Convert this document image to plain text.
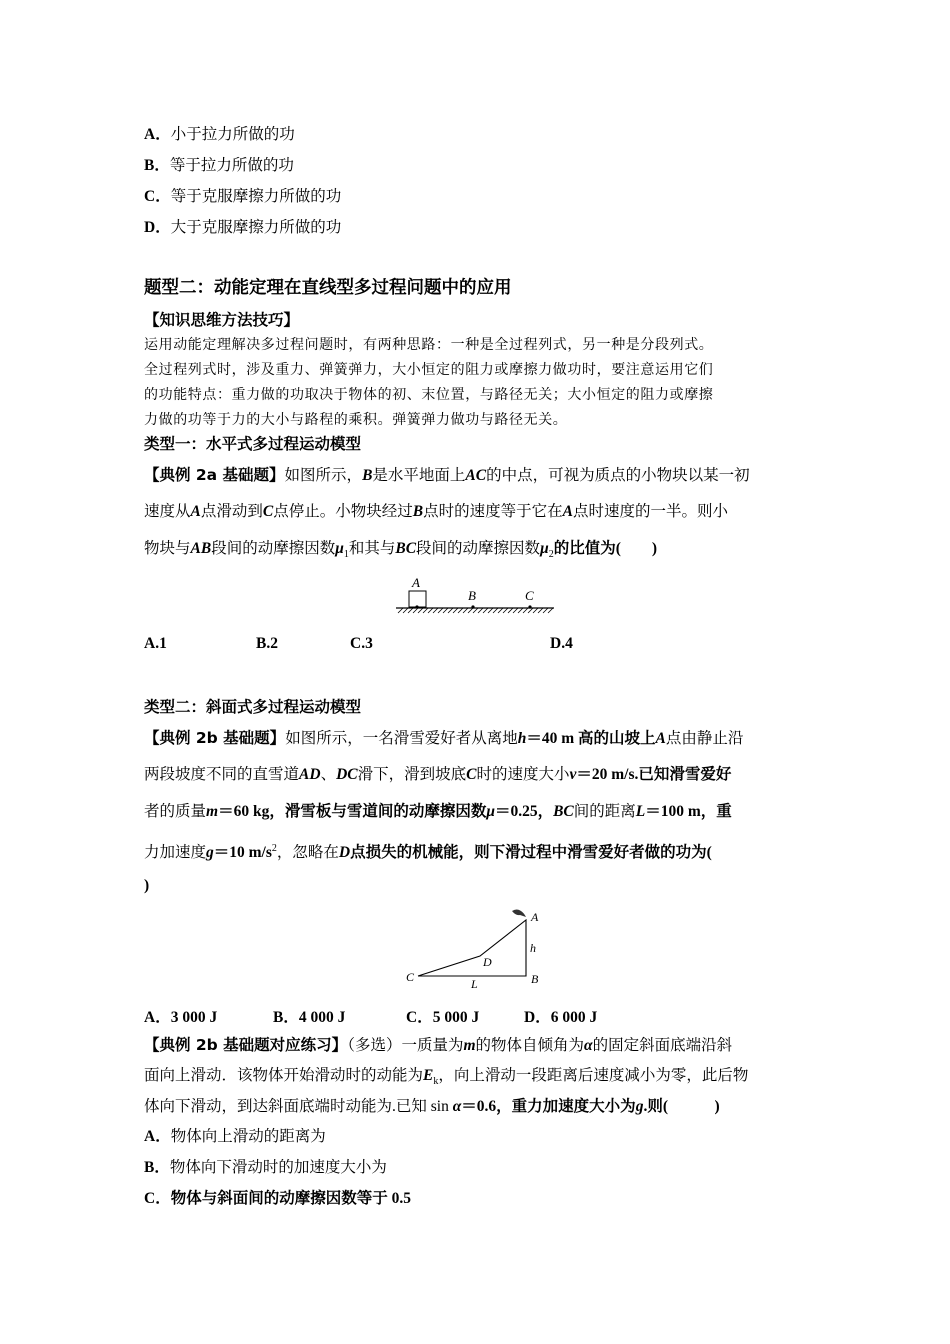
A．小于拉力所做的功
B．等于拉力所做的功
C．等于克服摩擦力所做的功
D．大于克服摩擦力所做的功
题型二：动能定理在直线型多过程问题中的应用
【知识思维方法技巧】
运用动能定理解决多过程问题时，有两种思路：一种是全过程列式，另一种是分段列式。
全过程列式时，涉及重力、弹簧弹力，大小恒定的阻力或摩擦力做功时，要注意运用它们
的功能特点：重力做的功取决于物体的初、末位置，与路径无关；大小恒定的阻力或摩擦
力做的功等于力的大小与路程的乘积。弹簧弹力做功与路径无关。
类型一：水平式多过程运动模型
【典例 2a 基础题】如图所示，B是水平地面上AC的中点，可视为质点的小物块以某一初
速度从A点滑动到C点停止。小物块经过B点时的速度等于它在A点时速度的一半。则小
物块与AB段间的动摩擦因数$\mu_1$和其与BC段间的动摩擦因数$\mu_2$的比值为(　　)
A
B	C
A.1	B.2	C.3	D.4
类型二：斜面式多过程运动模型
【典例 2b 基础题】如图所示，一名滑雪爱好者从离地h＝40 m 高的山坡上A点由静止沿
两段坡度不同的直雪道AD、DC滑下，滑到坡底C时的速度大小v＝20 m/s.已知滑雪爱好
者的质量m＝60 kg，滑雪板与雪道间的动摩擦因数μ＝0.25，BC间的距离L＝100 m，重
力加速度g＝10 $m/s^2$，忽略在D点损失的机械能，则下滑过程中滑雪爱好者做的功为(
)
A
h
D
C	L	B
A．3 000 J	B．4 000 J	C．5 000 J	D．6 000 J
【典例 2b 基础题对应练习】（多选）一质量为m的物体自倾角为α的固定斜面底端沿斜
面向上滑动．该物体开始滑动时的动能为$E_k$，向上滑动一段距离后速度减小为零，此后物
体向下滑动，到达斜面底端时动能为.已知 sin α＝0.6，重力加速度大小为g.则(　　　)
A．物体向上滑动的距离为
B．物体向下滑动时的加速度大小为
C．物体与斜面间的动摩擦因数等于 0.5
